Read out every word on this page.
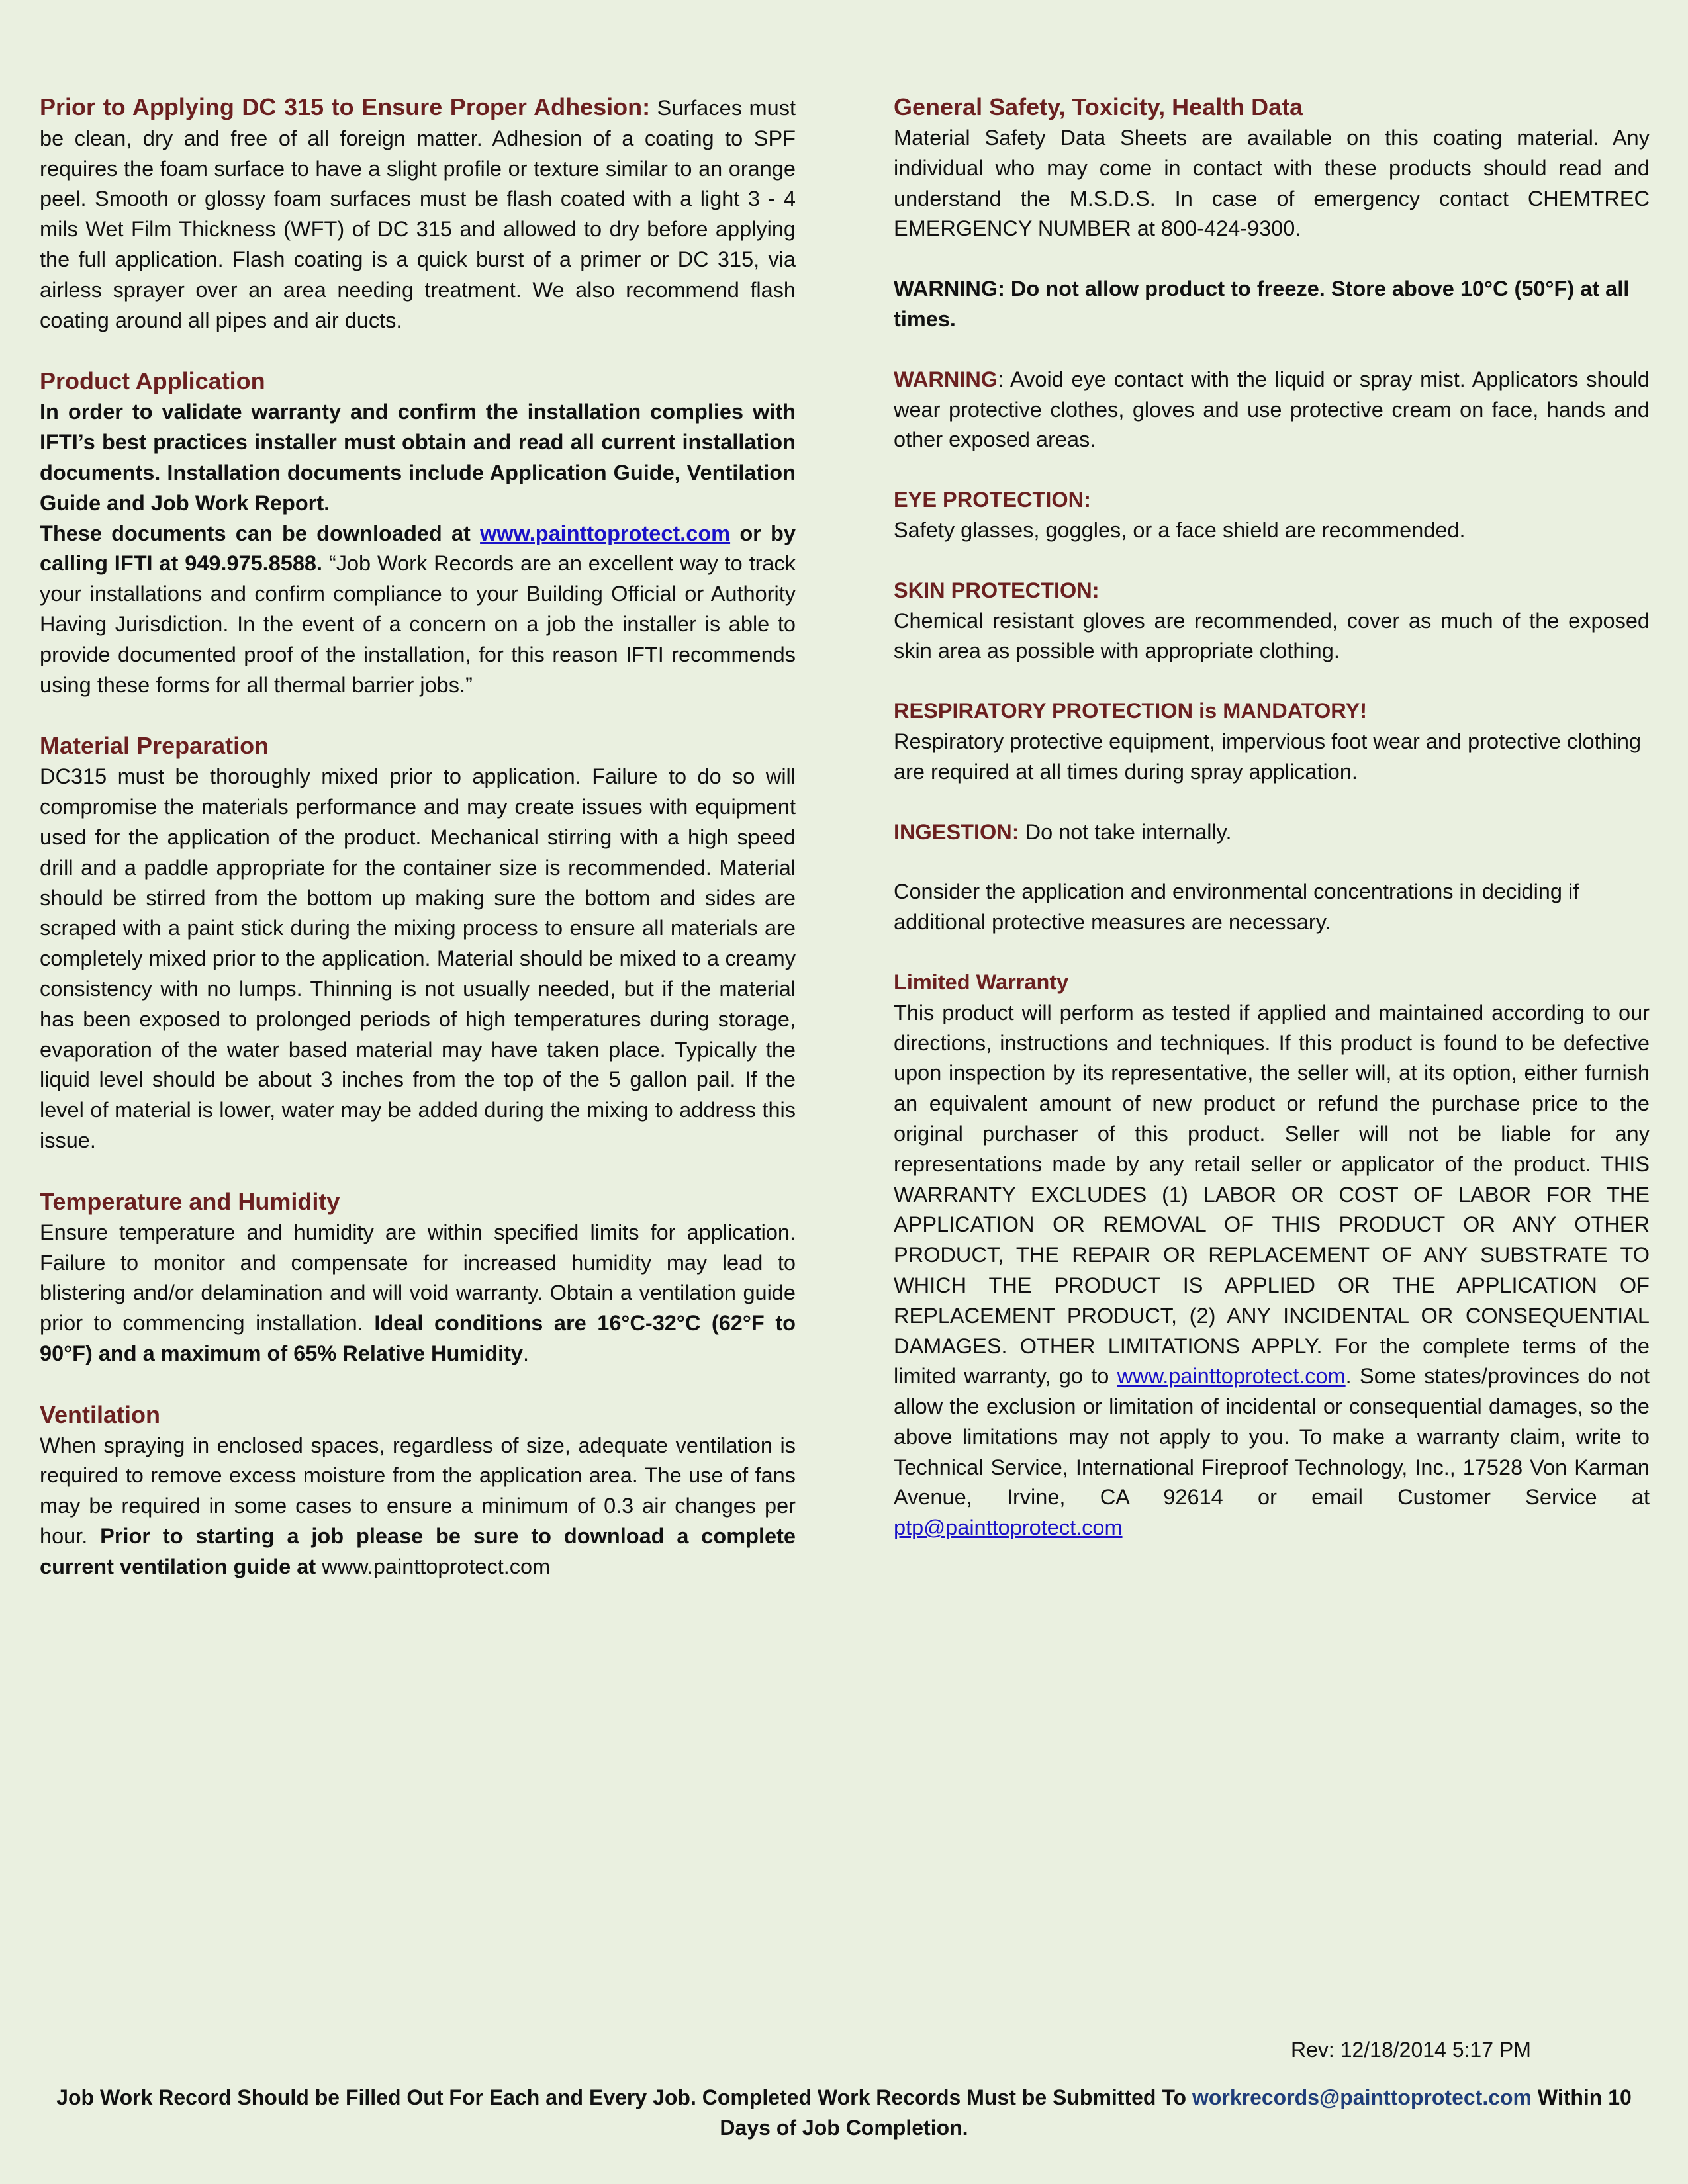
Prior to Applying DC 315 to Ensure Proper Adhesion: Surfaces must be clean, dry and free of all foreign matter. Adhesion of a coating to SPF requires the foam surface to have a slight profile or texture similar to an orange peel. Smooth or glossy foam surfaces must be flash coated with a light 3 - 4 mils Wet Film Thickness (WFT) of DC 315 and allowed to dry before applying the full application. Flash coating is a quick burst of a primer or DC 315, via airless sprayer over an area needing treatment. We also recommend flash coating around all pipes and air ducts.

Product Application

In order to validate warranty and confirm the installation complies with IFTI’s best practices installer must obtain and read all current installation documents. Installation documents include Application Guide, Ventilation Guide and Job Work Report.

These documents can be downloaded at www.painttoprotect.com or by calling IFTI at 949.975.8588. “Job Work Records are an excellent way to track your installations and confirm compliance to your Building Official or Authority Having Jurisdiction. In the event of a concern on a job the installer is able to provide documented proof of the installation, for this reason IFTI recommends using these forms for all thermal barrier jobs.”

Material Preparation

DC315 must be thoroughly mixed prior to application. Failure to do so will compromise the materials performance and may create issues with equipment used for the application of the product. Mechanical stirring with a high speed drill and a paddle appropriate for the container size is recommended. Material should be stirred from the bottom up making sure the bottom and sides are scraped with a paint stick during the mixing process to ensure all materials are completely mixed prior to the application. Material should be mixed to a creamy consistency with no lumps. Thinning is not usually needed, but if the material has been exposed to prolonged periods of high temperatures during storage, evaporation of the water based material may have taken place. Typically the liquid level should be about 3 inches from the top of the 5 gallon pail. If the level of material is lower, water may be added during the mixing to address this issue.

Temperature and Humidity

Ensure temperature and humidity are within specified limits for application. Failure to monitor and compensate for increased humidity may lead to blistering and/or delamination and will void warranty. Obtain a ventilation guide prior to commencing installation. Ideal conditions are 16°C-32°C (62°F to 90°F) and a maximum of 65% Relative Humidity.

Ventilation

When spraying in enclosed spaces, regardless of size, adequate ventilation is required to remove excess moisture from the application area. The use of fans may be required in some cases to ensure a minimum of 0.3 air changes per hour. Prior to starting a job please be sure to download a complete current ventilation guide at www.painttoprotect.com

General Safety, Toxicity, Health Data

Material Safety Data Sheets are available on this coating material. Any individual who may come in contact with these products should read and understand the M.S.D.S. In case of emergency contact CHEMTREC EMERGENCY NUMBER at 800-424-9300.

WARNING: Do not allow product to freeze. Store above 10°C (50°F) at all times.

WARNING: Avoid eye contact with the liquid or spray mist. Applicators should wear protective clothes, gloves and use protective cream on face, hands and other exposed areas.

EYE PROTECTION:

Safety glasses, goggles, or a face shield are recommended.

SKIN PROTECTION:

Chemical resistant gloves are recommended, cover as much of the exposed skin area as possible with appropriate clothing.

RESPIRATORY PROTECTION is MANDATORY!

Respiratory protective equipment, impervious foot wear and protective clothing are required at all times during spray application.

INGESTION: Do not take internally.

Consider the application and environmental concentrations in deciding if additional protective measures are necessary.

Limited Warranty

This product will perform as tested if applied and maintained according to our directions, instructions and techniques. If this product is found to be defective upon inspection by its representative, the seller will, at its option, either furnish an equivalent amount of new product or refund the purchase price to the original purchaser of this product. Seller will not be liable for any representations made by any retail seller or applicator of the product. THIS WARRANTY EXCLUDES (1) LABOR OR COST OF LABOR FOR THE APPLICATION OR REMOVAL OF THIS PRODUCT OR ANY OTHER PRODUCT, THE REPAIR OR REPLACEMENT OF ANY SUBSTRATE TO WHICH THE PRODUCT IS APPLIED OR THE APPLICATION OF REPLACEMENT PRODUCT, (2) ANY INCIDENTAL OR CONSEQUENTIAL DAMAGES. OTHER LIMITATIONS APPLY. For the complete terms of the limited warranty, go to www.painttoprotect.com. Some states/provinces do not allow the exclusion or limitation of incidental or consequential damages, so the above limitations may not apply to you. To make a warranty claim, write to Technical Service, International Fireproof Technology, Inc., 17528 Von Karman Avenue, Irvine, CA 92614 or email Customer Service at ptp@painttoprotect.com

Rev: 12/18/2014 5:17 PM
Job Work Record Should be Filled Out For Each and Every Job. Completed Work Records Must be Submitted To workrecords@painttoprotect.com Within 10 Days of Job Completion.
